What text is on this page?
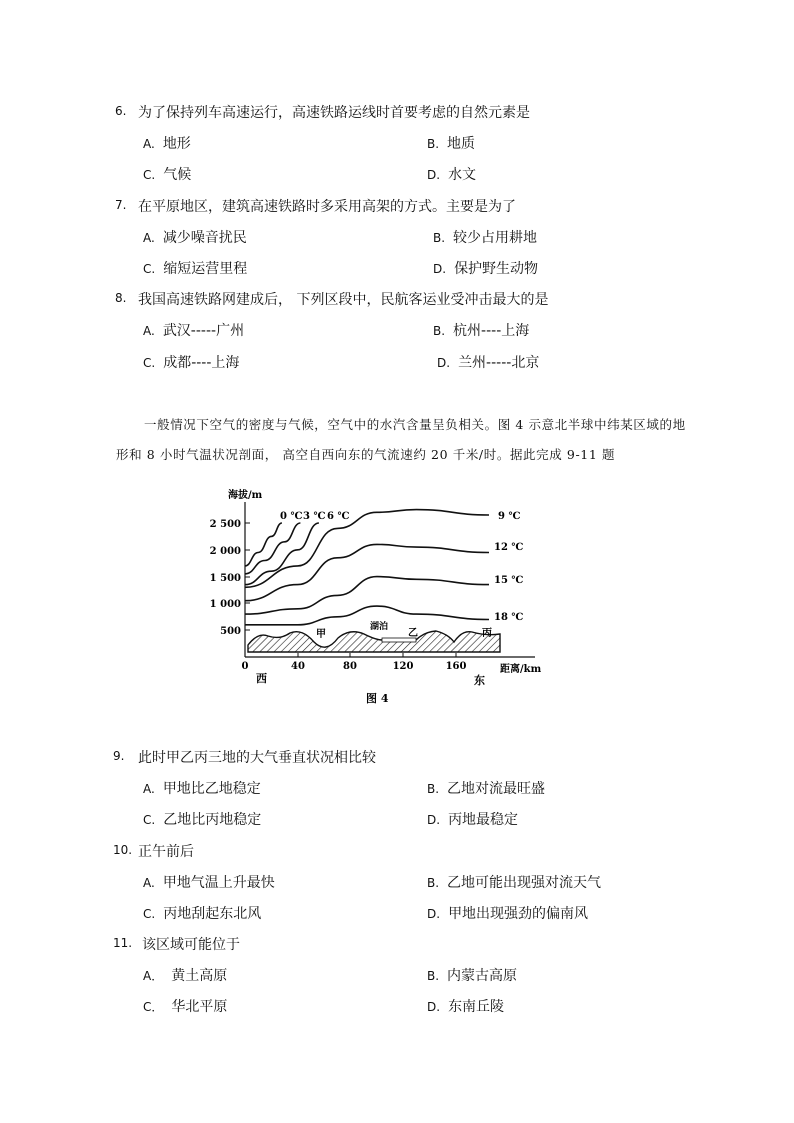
6. 为了保持列车高速运行，高速铁路运线时首要考虑的自然元素是
A. 地形	B. 地质
C. 气候	D. 水文
7. 在平原地区，建筑高速铁路时多采用高架的方式。主要是为了
A. 减少噪音扰民	B. 较少占用耕地
C. 缩短运营里程	D. 保护野生动物
8. 我国高速铁路网建成后， 下列区段中，民航客运业受冲击最大的是
A. 武汉-----广州	B. 杭州----上海
C. 成都----上海	D. 兰州-----北京
一般情况下空气的密度与气候，空气中的水汽含量呈负相关。图 4 示意北半球中纬某区域的地形和 8 小时气温状况剖面， 高空自西向东的气流速约 20 千米/时。据此完成 9-11 题
海拔/m
距离/km
2 500
2 000
1 500
1 000
500
0	40	80	120	160
西	东
甲
湖泊
乙	丙
0 ℃ 3 ℃ 6 ℃	9 ℃
12 ℃
15 ℃
18 ℃
图 4
9. 此时甲乙丙三地的大气垂直状况相比较
A. 甲地比乙地稳定	B. 乙地对流最旺盛
C. 乙地比丙地稳定	D. 丙地最稳定
10. 正午前后
A. 甲地气温上升最快	B. 乙地可能出现强对流天气
C. 丙地刮起东北风	D. 甲地出现强劲的偏南风
11. 该区域可能位于
A． 黄土高原	B. 内蒙古高原
C． 华北平原	D. 东南丘陵
